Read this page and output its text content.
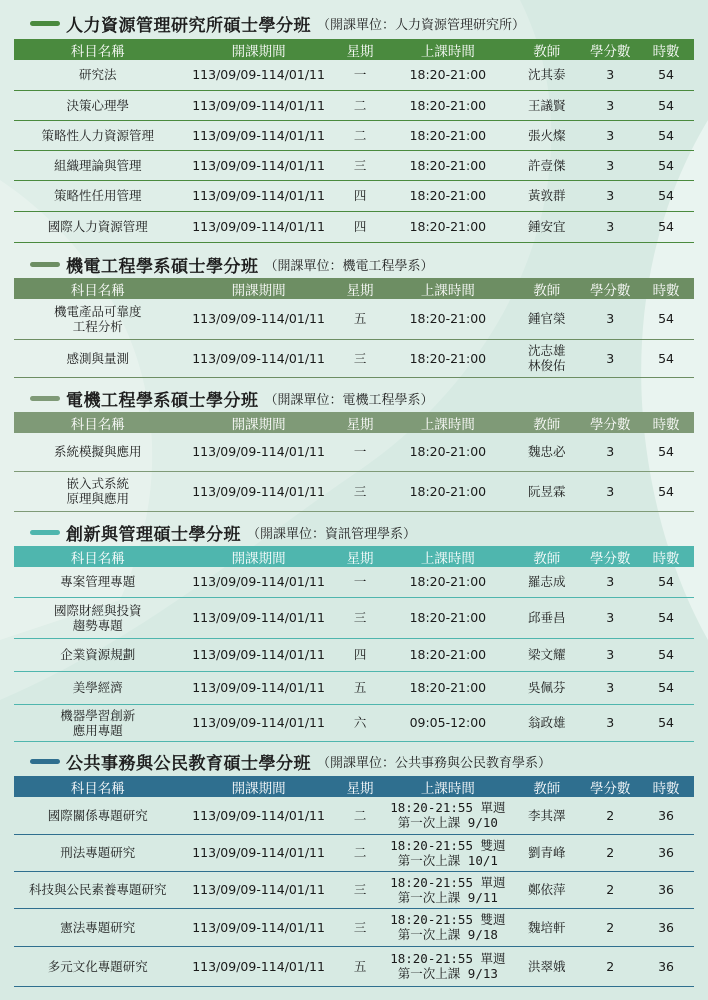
人力資源管理研究所碩士學分班 （開課單位：人力資源管理研究所）
科目名稱	開課期間	星期	上課時間	教師	學分數	時數
研究法	113/09/09-114/01/11	一	18:20-21:00	沈其泰	3	54
決策心理學	113/09/09-114/01/11	二	18:20-21:00	王議賢	3	54
策略性人力資源管理	113/09/09-114/01/11	二	18:20-21:00	張火燦	3	54
組織理論與管理	113/09/09-114/01/11	三	18:20-21:00	許壹傑	3	54
策略性任用管理	113/09/09-114/01/11	四	18:20-21:00	黃敦群	3	54
國際人力資源管理	113/09/09-114/01/11	四	18:20-21:00	鍾安宜	3	54
機電工程學系碩士學分班 （開課單位：機電工程學系）
科目名稱	開課期間	星期	上課時間	教師	學分數	時數

機電產品可靠度
工程分析	113/09/09-114/01/11	五	18:20-21:00	鍾官榮	3	54
感測與量測	113/09/09-114/01/11	三	18:20-21:00	沈志雄
林俊佑	3	54
電機工程學系碩士學分班 （開課單位：電機工程學系）
科目名稱	開課期間	星期	上課時間	教師	學分數	時數
系統模擬與應用	113/09/09-114/01/11	一	18:20-21:00	魏忠必	3	54

嵌入式系統
原理與應用	113/09/09-114/01/11	三	18:20-21:00	阮昱霖	3	54
創新與管理碩士學分班 （開課單位：資訊管理學系）
科目名稱	開課期間	星期	上課時間	教師	學分數	時數
專案管理專題	113/09/09-114/01/11	一	18:20-21:00	羅志成	3	54

國際財經與投資
趨勢專題	113/09/09-114/01/11	三	18:20-21:00	邱垂昌	3	54
企業資源規劃	113/09/09-114/01/11	四	18:20-21:00	梁文耀	3	54
美學經濟	113/09/09-114/01/11	五	18:20-21:00	吳佩芬	3	54

機器學習創新
應用專題	113/09/09-114/01/11	六	09:05-12:00	翁政雄	3	54
公共事務與公民教育碩士學分班 （開課單位：公共事務與公民教育學系）
科目名稱	開課期間	星期	上課時間	教師	學分數	時數
國際關係專題研究	113/09/09-114/01/11	二	18:20-21:55 單週
第一次上課 9/10	李其澤	2	36
刑法專題研究	113/09/09-114/01/11	二	18:20-21:55 雙週
第一次上課 10/1	劉青峰	2	36
科技與公民素養專題研究	113/09/09-114/01/11	三	18:20-21:55 單週
第一次上課 9/11	鄭依萍	2	36
憲法專題研究	113/09/09-114/01/11	三	18:20-21:55 雙週
第一次上課 9/18	魏培軒	2	36
多元文化專題研究	113/09/09-114/01/11	五	18:20-21:55 單週
第一次上課 9/13	洪翠娥	2	36
